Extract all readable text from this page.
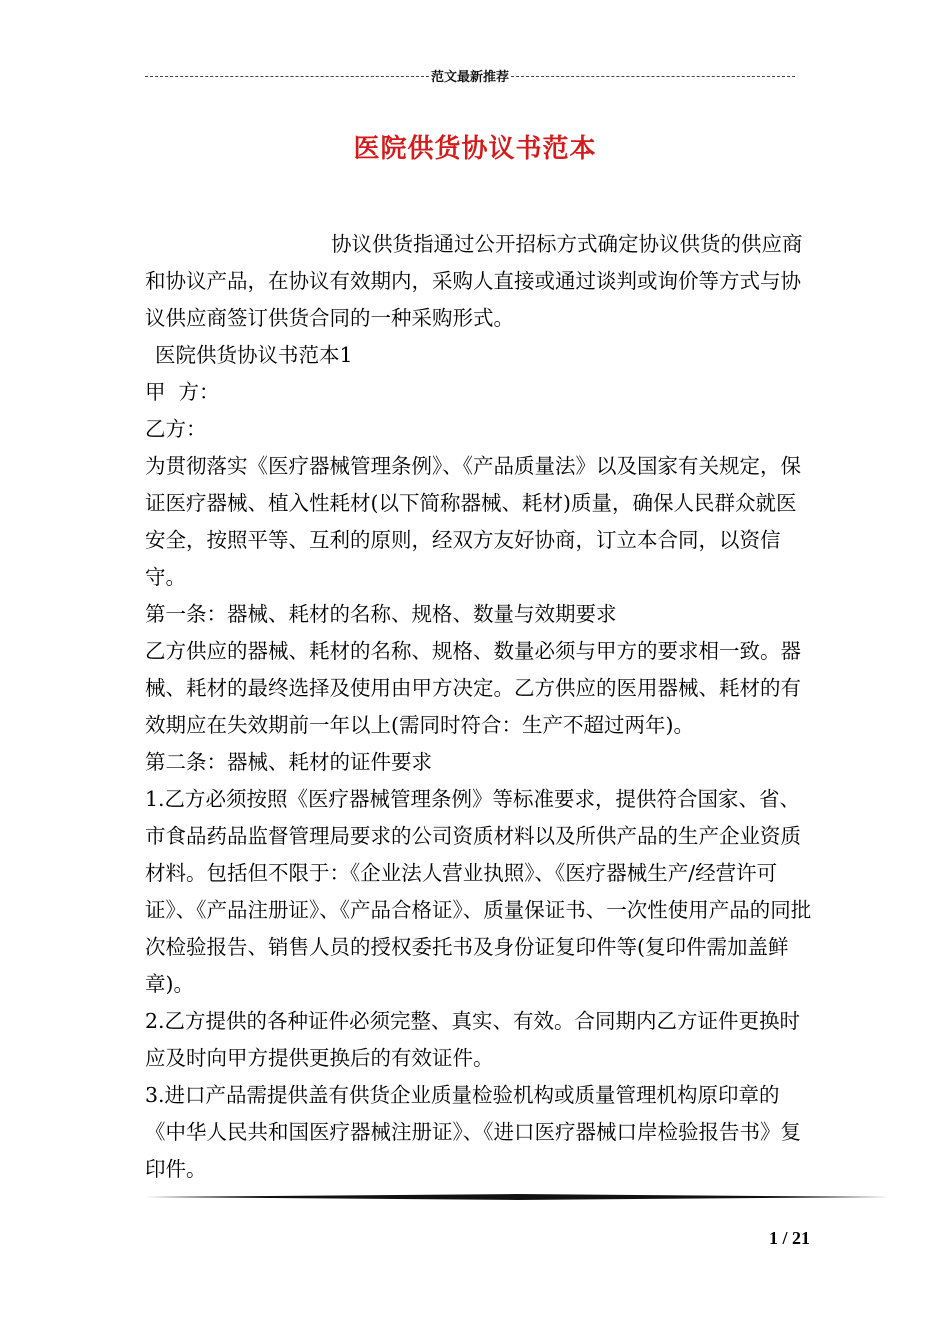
范文最新推荐
医院供货协议书范本

协议供货指通过公开招标方式确定协议供货的供应商和协议产品，在协议有效期内，采购人直接或通过谈判或询价等方式与协议供应商签订供货合同的一种采购形式。

医院供货协议书范本1

甲  方：

乙方：

为贯彻落实《医疗器械管理条例》、《产品质量法》以及国家有关规定，保证医疗器械、植入性耗材(以下简称器械、耗材)质量，确保人民群众就医安全，按照平等、互利的原则，经双方友好协商，订立本合同，以资信守。

第一条：器械、耗材的名称、规格、数量与效期要求

乙方供应的器械、耗材的名称、规格、数量必须与甲方的要求相一致。器械、耗材的最终选择及使用由甲方决定。乙方供应的医用器械、耗材的有效期应在失效期前一年以上(需同时符合：生产不超过两年)。

第二条：器械、耗材的证件要求

1.乙方必须按照《医疗器械管理条例》等标准要求，提供符合国家、省、市食品药品监督管理局要求的公司资质材料以及所供产品的生产企业资质材料。包括但不限于：《企业法人营业执照》、《医疗器械生产/经营许可证》、《产品注册证》、《产品合格证》、质量保证书、一次性使用产品的同批次检验报告、销售人员的授权委托书及身份证复印件等(复印件需加盖鲜章)。

2.乙方提供的各种证件必须完整、真实、有效。合同期内乙方证件更换时应及时向甲方提供更换后的有效证件。

3.进口产品需提供盖有供货企业质量检验机构或质量管理机构原印章的《中华人民共和国医疗器械注册证》、《进口医疗器械口岸检验报告书》复印件。

1 / 21
